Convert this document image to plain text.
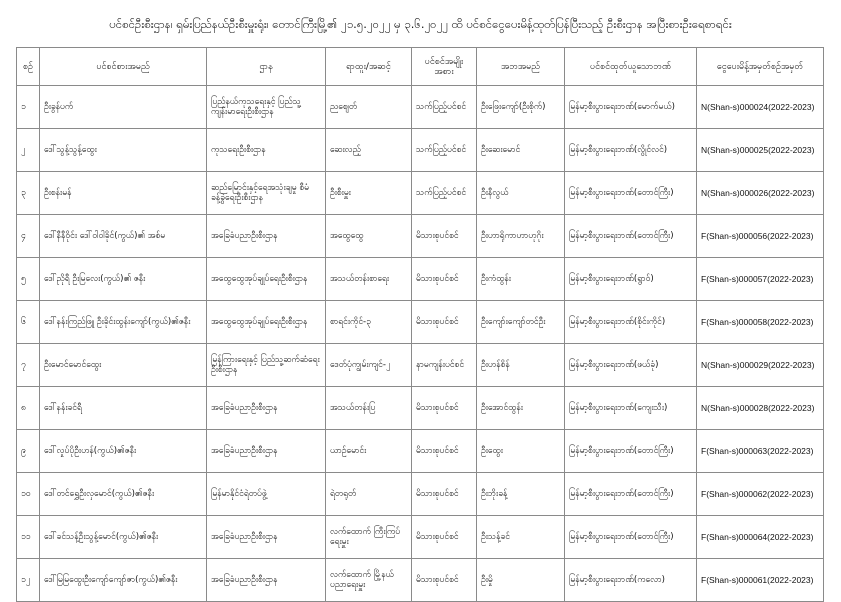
ပင်စင်ဦးစီးဌာန၊ ရှမ်းပြည်နယ်ဦးစီးမှူးရုံး၊ တောင်ကြီးမြို့၏ ၂၁.၅.၂၀၂၂ မှ ၃.၆.၂၀၂၂ ထိ ပင်စင်ငွေပေးမိန့်ထုတ်ပြန်ပြီးသည့် ဦးစီးဌာန အပြီးစားဦးရေစာရင်း
စဉ်	ပင်စင်စားအမည်	ဌာန	ရာထူး/အဆင့်	ပင်စင်အမျိုးအစား	အဘအမည်	ပင်စင်ထုတ်ယူသောဘဏ်	ငွေပေးမိန့်အမှတ်စဉ်အမှတ်
၁	ဦးခွန်ပက်	ပြည်နယ်ကုသရေးနှင့် ပြည်သူ့ကျန်းမာရေးဦးစီးဌာန	ညဈေတ်	သက်ပြည့်ပင်စင်	ဦးဖြေးကျော်(ဦးစိုက်)	မြန်မာ့စီးပွားရေးဘဏ်(မောက်မယ်)	N(Shan-s)000024(2022-2023)
၂	ဒေါ်သွန့်သွန့်ထွေး	ကုသရေးဦးစီးဌာန	ဆေးလည့်	သက်ပြည့်ပင်စင်	ဦးဆေးမောင်	မြန်မာ့စီးပွားရေးဘဏ်(လွိုင်လင်)	N(Shan-s)000025(2022-2023)
၃	ဦးစန်းမန်	ဆည်မြောင်းနှင့်ရေအသုံးချမှု စီမံခန့်ခွဲရေးဦးစီးဌာန	ဦးစီးမှူး	သက်ပြည့်ပင်စင်	ဦးနီလွယ်	မြန်မာ့စီးပွားရေးဘဏ်(တောင်ကြီး)	N(Shan-s)000026(2022-2023)
၄	ဒေါ်နီနီဝိုင်း ဒေါ်ဝါဝါခိုင်(ကွယ်)၏ အစ်မ	အခြေခံပညာဦးစီးဌာန	အထွေထွေ	မိသားစုပင်စင်	ဦးဟာရိုကာဟာဟုဂိုး	မြန်မာ့စီးပွားရေးဘဏ်(တောင်ကြီး)	F(Shan-s)000056(2022-2023)
၅	ဒေါ်ညိုရီ ဦးမြလေး(ကွယ်)၏ ဇနီး	အထွေထွေအုပ်ချုပ်ရေးဦးစီးဌာန	အသယ်တန်းစာရေး	မိသားစုပင်စင်	ဦးကံထွန်း	မြန်မာ့စီးပွားရေးဘဏ်(ရွာဝ်)	F(Shan-s)000057(2022-2023)
၆	ဒေါ်နန်းကြည်ဖြူ ဦးခိုင်းထွန်းကျော်(ကွယ်)၏ဇနီး	အထွေထွေအုပ်ချုပ်ရေးဦးစီးဌာန	စာရင်းကိုင်-၃	မိသားစုပင်စင်	ဦးကျော်းကျော်တင်ဦး	မြန်မာ့စီးပွားရေးဘဏ်(စိုင်းကိုင်)	F(Shan-s)000058(2022-2023)
၇	ဦးမောင်မောင်ထွေး	မြန်ကြားရေးနှင့် ပြည်သူ့ဆက်ဆံရေးဦးစီးဌာန	ဒေတ်ပုံကျွမ်းကျင်-၂	နာမကျန်းပင်စင်	ဦးဟန်စိန်	မြန်မာ့စီးပွားရေးဘဏ်(ဖယ်ခုံ)	N(Shan-s)000029(2022-2023)
၈	ဒေါ်နန်းခင်ရီ	အခြေခံပညာဦးစီးဌာန	အသယ်တန်းပြ	မိသားစုပင်စင်	ဦးအောင်ထွန်း	မြန်မာ့စီးပွားရေးဘဏ်(ကျေးသီး)	N(Shan-s)000028(2022-2023)
၉	ဒေါ်လှုပ်ပိုဦးဟန်(ကွယ်)၏ဇနီး	အခြေခံပညာဦးစီးဌာန	ယာဉ်မောင်း	မိသားစုပင်စင်	ဦးထွေး	မြန်မာ့စီးပွားရေးဘဏ်(တောင်ကြီး)	F(Shan-s)000063(2022-2023)
၁၀	ဒေါ်တင်ရွှေဦးလှမောင်(ကွယ်)၏ဇနီး	မြန်မာနိုင်ငံရဲတပ်ဖွဲ့	ရဲတရုတ်	မိသားစုပင်စင်	ဦးဘိုးခန့်	မြန်မာ့စီးပွားရေးဘဏ်(တောင်ကြီး)	F(Shan-s)000062(2022-2023)
၁၁	ဒေါ်ခင်သန့်ဦးသွန့်မောင်(ကွယ်)၏ဇနီး	အခြေခံပညာဦးစီးဌာန	လက်ထောက် ကြီးကြပ်ရေးမှူး	မိသားစုပင်စင်	ဦးသန့်ခင်	မြန်မာ့စီးပွားရေးဘဏ်(တောင်ကြီး)	F(Shan-s)000064(2022-2023)
၁၂	ဒေါ်မြမြထွေးဦးကျော်ကျော်ဇာ(ကွယ်)၏ဇနီး	အခြေခံပညာဦးစီးဌာန	လက်ထောက် မြို့နယ်ပညာရေးမှူး	မိသားစုပင်စင်	ဦးမှို	မြန်မာ့စီးပွားရေးဘဏ်(ကလော)	F(Shan-s)000061(2022-2023)
